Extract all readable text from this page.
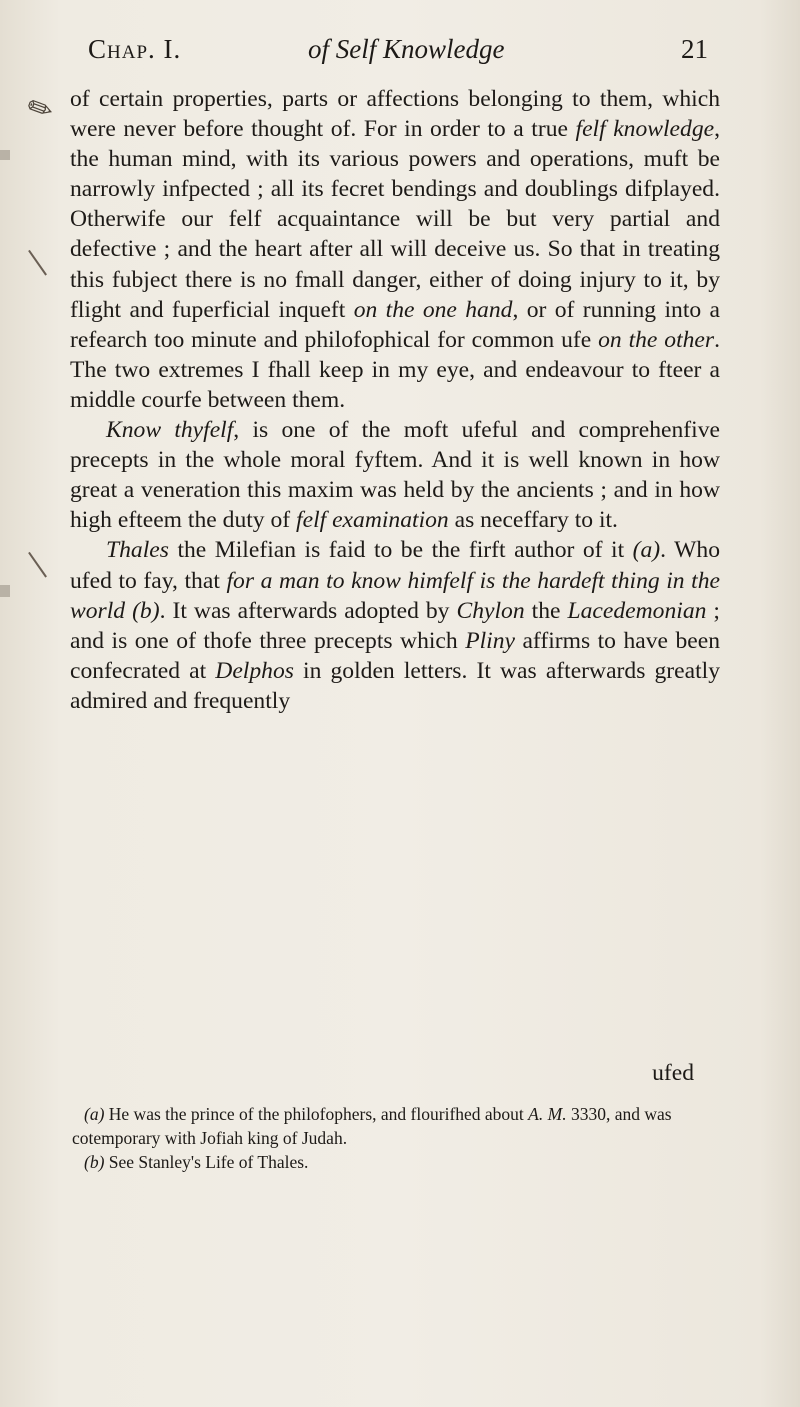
✎
Chap. I.	of Self Knowledge	21

of certain properties, parts or affections belonging to them, which were never before thought of. For in order to a true felf knowledge, the human mind, with its various powers and operations, muft be narrowly infpected ; all its fecret bendings and doublings difplayed. Otherwife our felf acquaintance will be but very partial and defective ; and the heart after all will deceive us. So that in treating this fubject there is no fmall danger, either of doing injury to it, by flight and fuperficial inqueft on the one hand, or of running into a refearch too minute and philofophical for common ufe on the other. The two extremes I fhall keep in my eye, and endeavour to fteer a middle courfe between them.

Know thyfelf, is one of the moft ufeful and comprehenfive precepts in the whole moral fyftem. And it is well known in how great a veneration this maxim was held by the ancients ; and in how high efteem the duty of felf examination as neceffary to it.

Thales the Milefian is faid to be the firft author of it (a). Who ufed to fay, that for a man to know himfelf is the hardeft thing in the world (b). It was afterwards adopted by Chylon the Lacedemonian ; and is one of thofe three precepts which Pliny affirms to have been confecrated at Delphos in golden letters. It was afterwards greatly admired and frequently

ufed

(a) He was the prince of the philofophers, and flourifhed about A. M. 3330, and was cotemporary with Jofiah king of Judah.

(b) See Stanley's Life of Thales.
